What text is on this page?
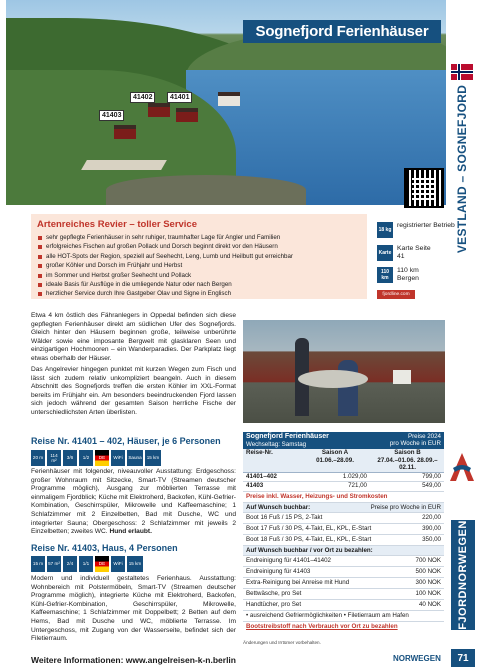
41402	41401
41403
Sognefjord Ferienhäuser
VESTLAND – SOGNEFJORD
FJORDNORWEGEN
71
Artenreiches Revier – toller Service
sehr gepflegte Ferienhäuser in sehr ruhiger, traumhafter Lage für Angler und Familien
erfolgreiches Fischen auf großen Pollack und Dorsch beginnt direkt vor den Häusern
alle HOT-Spots der Region, speziell auf Seehecht, Leng, Lumb und Heilbutt gut erreichbar
großer Köhler und Dorsch im Frühjahr und Herbst
im Sommer und Herbst großer Seehecht und Pollack
ideale Basis für Ausflüge in die umliegende Natur oder nach Bergen
herzlicher Service durch Ihre Gastgeber Olav und Signe in Englisch
18 kg
registrierter Betrieb
Karte
Karte Seite 41
110 km
110 km Bergen
fjordline.com
Etwa 4 km östlich des Fähranlegers in Oppedal befinden sich diese gepflegten Ferienhäuser direkt am südlichen Ufer des Sognefjords. Gleich hinter den Häusern beginnen große, teilweise unberührte Wälder sowie eine imposante Bergwelt mit glasklaren Seen und einzigartigen Hochmooren – ein Wanderparadies. Der Parkplatz liegt etwas oberhalb der Häuser.
Das Angelrevier hingegen punktet mit kurzen Wegen zum Fisch und lässt sich zudem relativ unkompliziert beangeln. Auch in diesem Abschnitt des Sognefjords treffen die ersten Köhler im XXL-Format bereits im Frühjahr ein. Am besonders beeindruckenden Fjord lassen sich jedoch während der gesamten Saison herrliche Fische der unterschiedlichsten Arten überlisten.
Reise Nr. 41401 – 402, Häuser, je 6 Personen
20 m
114 m²
3/6	1/2	DE	WiFi	Sauna	15 km
Ferienhäuser mit folgender, niveauvoller Ausstattung: Erdgeschoss: großer Wohnraum mit Sitzecke, Smart-TV (Streamen deutscher Programme möglich), Ausgang zur möblierten Terrasse mit einmaligem Fjordblick; Küche mit Elektroherd, Backofen, Kühl-Gefrier-Kombination, Geschirrspüler, Mikrowelle und Kaffeemaschine; 1 Schlafzimmer mit 2 Einzelbetten, Bad mit Dusche, WC und integrierter Sauna; Obergeschoss: 2 Schlafzimmer mit jeweils 2 Einzelbetten; zweites WC. Hund erlaubt.
Reise Nr. 41403, Haus, 4 Personen
15 m	57 m²	2/4	1/1	DE	WiFi	15 km
Modern und individuell gestaltetes Ferienhaus. Ausstattung: Wohnbereich mit Polstermöbeln, Smart-TV (Streamen deutscher Programme möglich), integrierte Küche mit Elektroherd, Backofen, Kühl-Gefrier-Kombination, Geschirrspüler, Mikrowelle, Kaffeemaschine; 1 Schlafzimmer mit Doppelbett; 2 Betten auf dem Hems, Bad mit Dusche und WC, möblierte Terrasse. Im Untergeschoss, mit Zugang von der Wasserseite, befindet sich der Filetierraum.
Sognefjord Ferienhäuser
Wechseltag: Samstag
Preise 2024
pro Woche in EUR
Reise-Nr.	Saison A
01.06.–28.09.
Saison B
27.04.–01.06. 28.09.–02.11.
41401–402	1.029,00	799,00
41403	721,00	549,00
Preise inkl. Wasser, Heizungs- und Stromkosten
Auf Wunsch buchbar:	Preise pro Woche in EUR
Boot 16 Fuß / 15 PS, 2-Takt	220,00
Boot 17 Fuß / 30 PS, 4-Takt, EL, KPL, E-Start	390,00
Boot 18 Fuß / 30 PS, 4-Takt, EL, KPL, E-Start	350,00
Auf Wunsch buchbar / vor Ort zu bezahlen:
Endreinigung für 41401–41402	700 NOK
Endreinigung für 41403	500 NOK
Extra-Reinigung bei Anreise mit Hund	300 NOK
Bettwäsche, pro Set	100 NOK
Handtücher, pro Set	40 NOK
• ausreichend Gefriermöglichkeiten • Filetierraum am Hafen
Bootstreibstoff nach Verbrauch vor Ort zu bezahlen
Änderungen und Irrtümer vorbehalten.
Weitere Informationen: www.angelreisen-k-n.berlin	NORWEGEN
